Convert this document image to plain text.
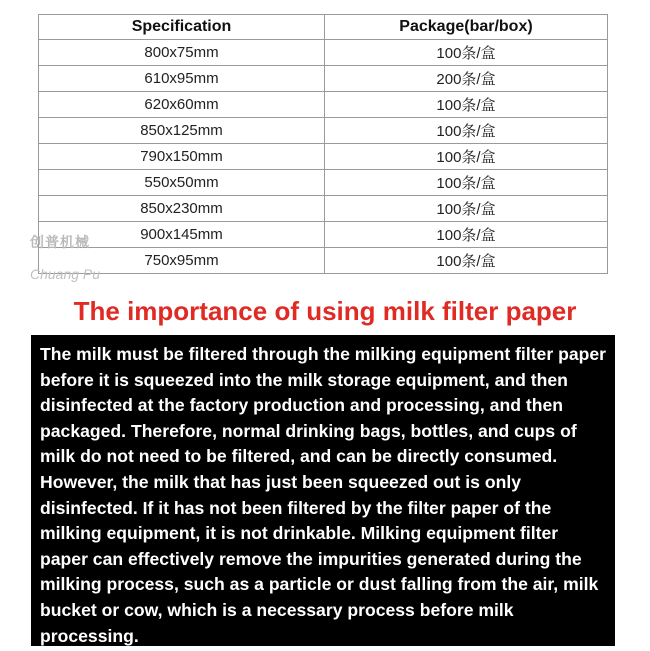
Specification	Package(bar/box)
800x75mm	100条/盒
610x95mm	200条/盒
620x60mm	100条/盒
850x125mm	100条/盒
790x150mm	100条/盒
550x50mm	100条/盒
850x230mm	100条/盒
900x145mm	100条/盒
750x95mm	100条/盒
创普机械
Chuang Pu
The importance of using milk filter paper

The milk must be filtered through the milking equipment filter paper before it is squeezed into the milk storage equipment, and then disinfected at the factory production and processing, and then packaged. Therefore, normal drinking bags, bottles, and cups of milk do not need to be filtered, and can be directly consumed. However, the milk that has just been squeezed out is only disinfected. If it has not been filtered by the filter paper of the milking equipment, it is not drinkable. Milking equipment filter paper can effectively remove the impurities generated during the milking process, such as a particle or dust falling from the air, milk bucket or cow, which is a necessary process before milk processing.
